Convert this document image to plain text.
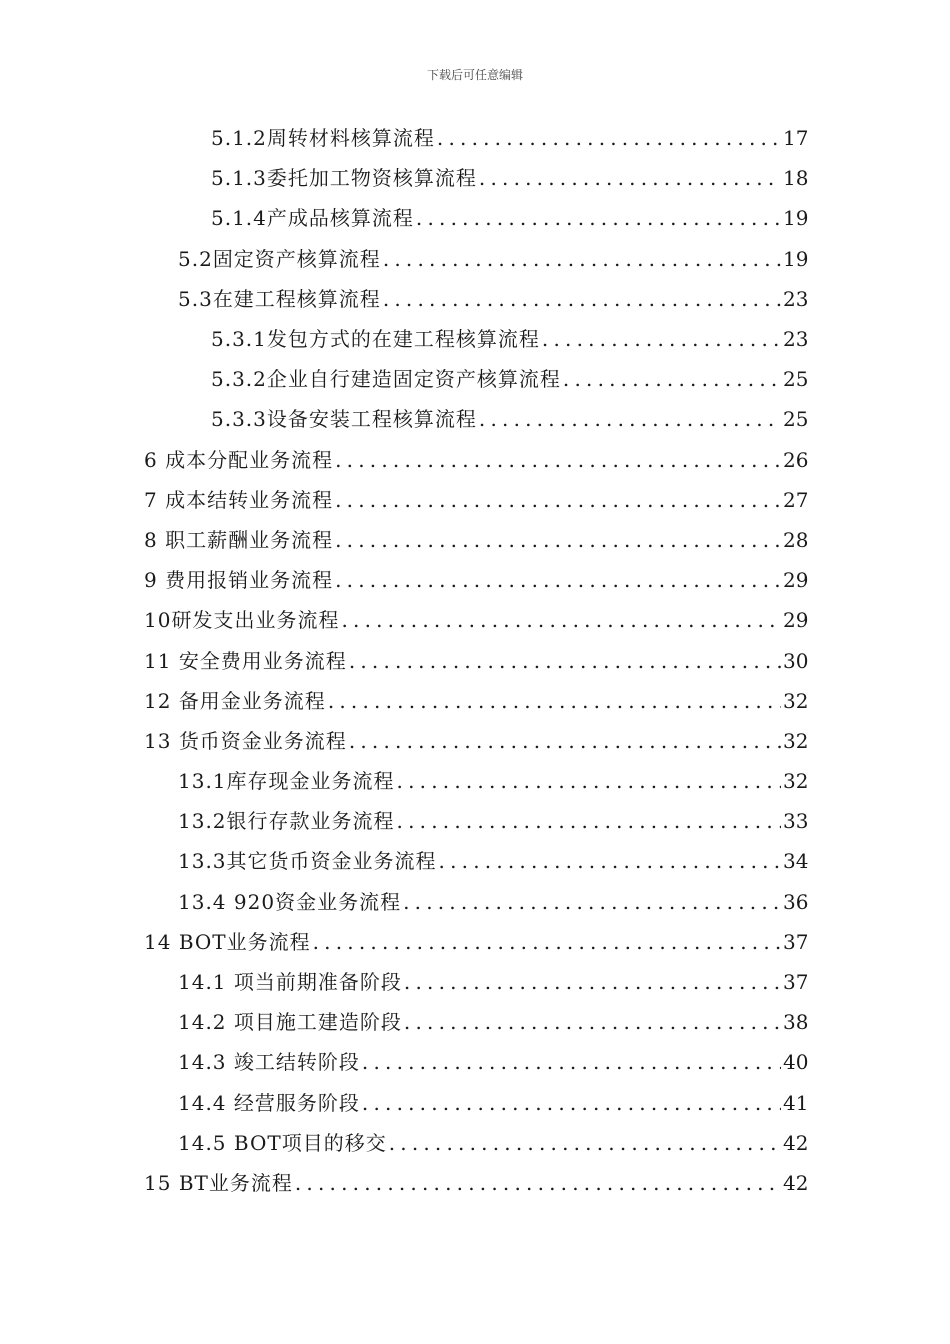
下载后可任意编辑
5.1.2 周转材料核算流程 .....	17
5.1.3 委托加工物资核算流程 .....	18
5.1.4 产成品核算流程 .....	19
5.2 固定资产核算流程 .....	19
5.3 在建工程核算流程 .....	23
5.3.1 发包方式的在建工程核算流程 .....	23
5.3.2 企业自行建造固定资产核算流程 .....	25
5.3.3 设备安装工程核算流程 .....	25
6 成本分配业务流程 .....	26
7 成本结转业务流程 .....	27
8 职工薪酬业务流程 .....	28
9 费用报销业务流程 .....	29
10 研发支出业务流程 .....	29
11 安全费用业务流程 .....	30
12 备用金业务流程 .....	32
13 货币资金业务流程 .....	32
13.1 库存现金业务流程 .....	32
13.2 银行存款业务流程 .....	33
13.3 其它货币资金业务流程 .....	34
13.4 920资金业务流程 .....	36
14 BOT业务流程 .....	37
14.1 项当前期准备阶段 .....	37
14.2 项目施工建造阶段 .....	38
14.3 竣工结转阶段 .....	40
14.4 经营服务阶段 .....	41
14.5 BOT项目的移交 .....	42
15 BT业务流程 .....	42
